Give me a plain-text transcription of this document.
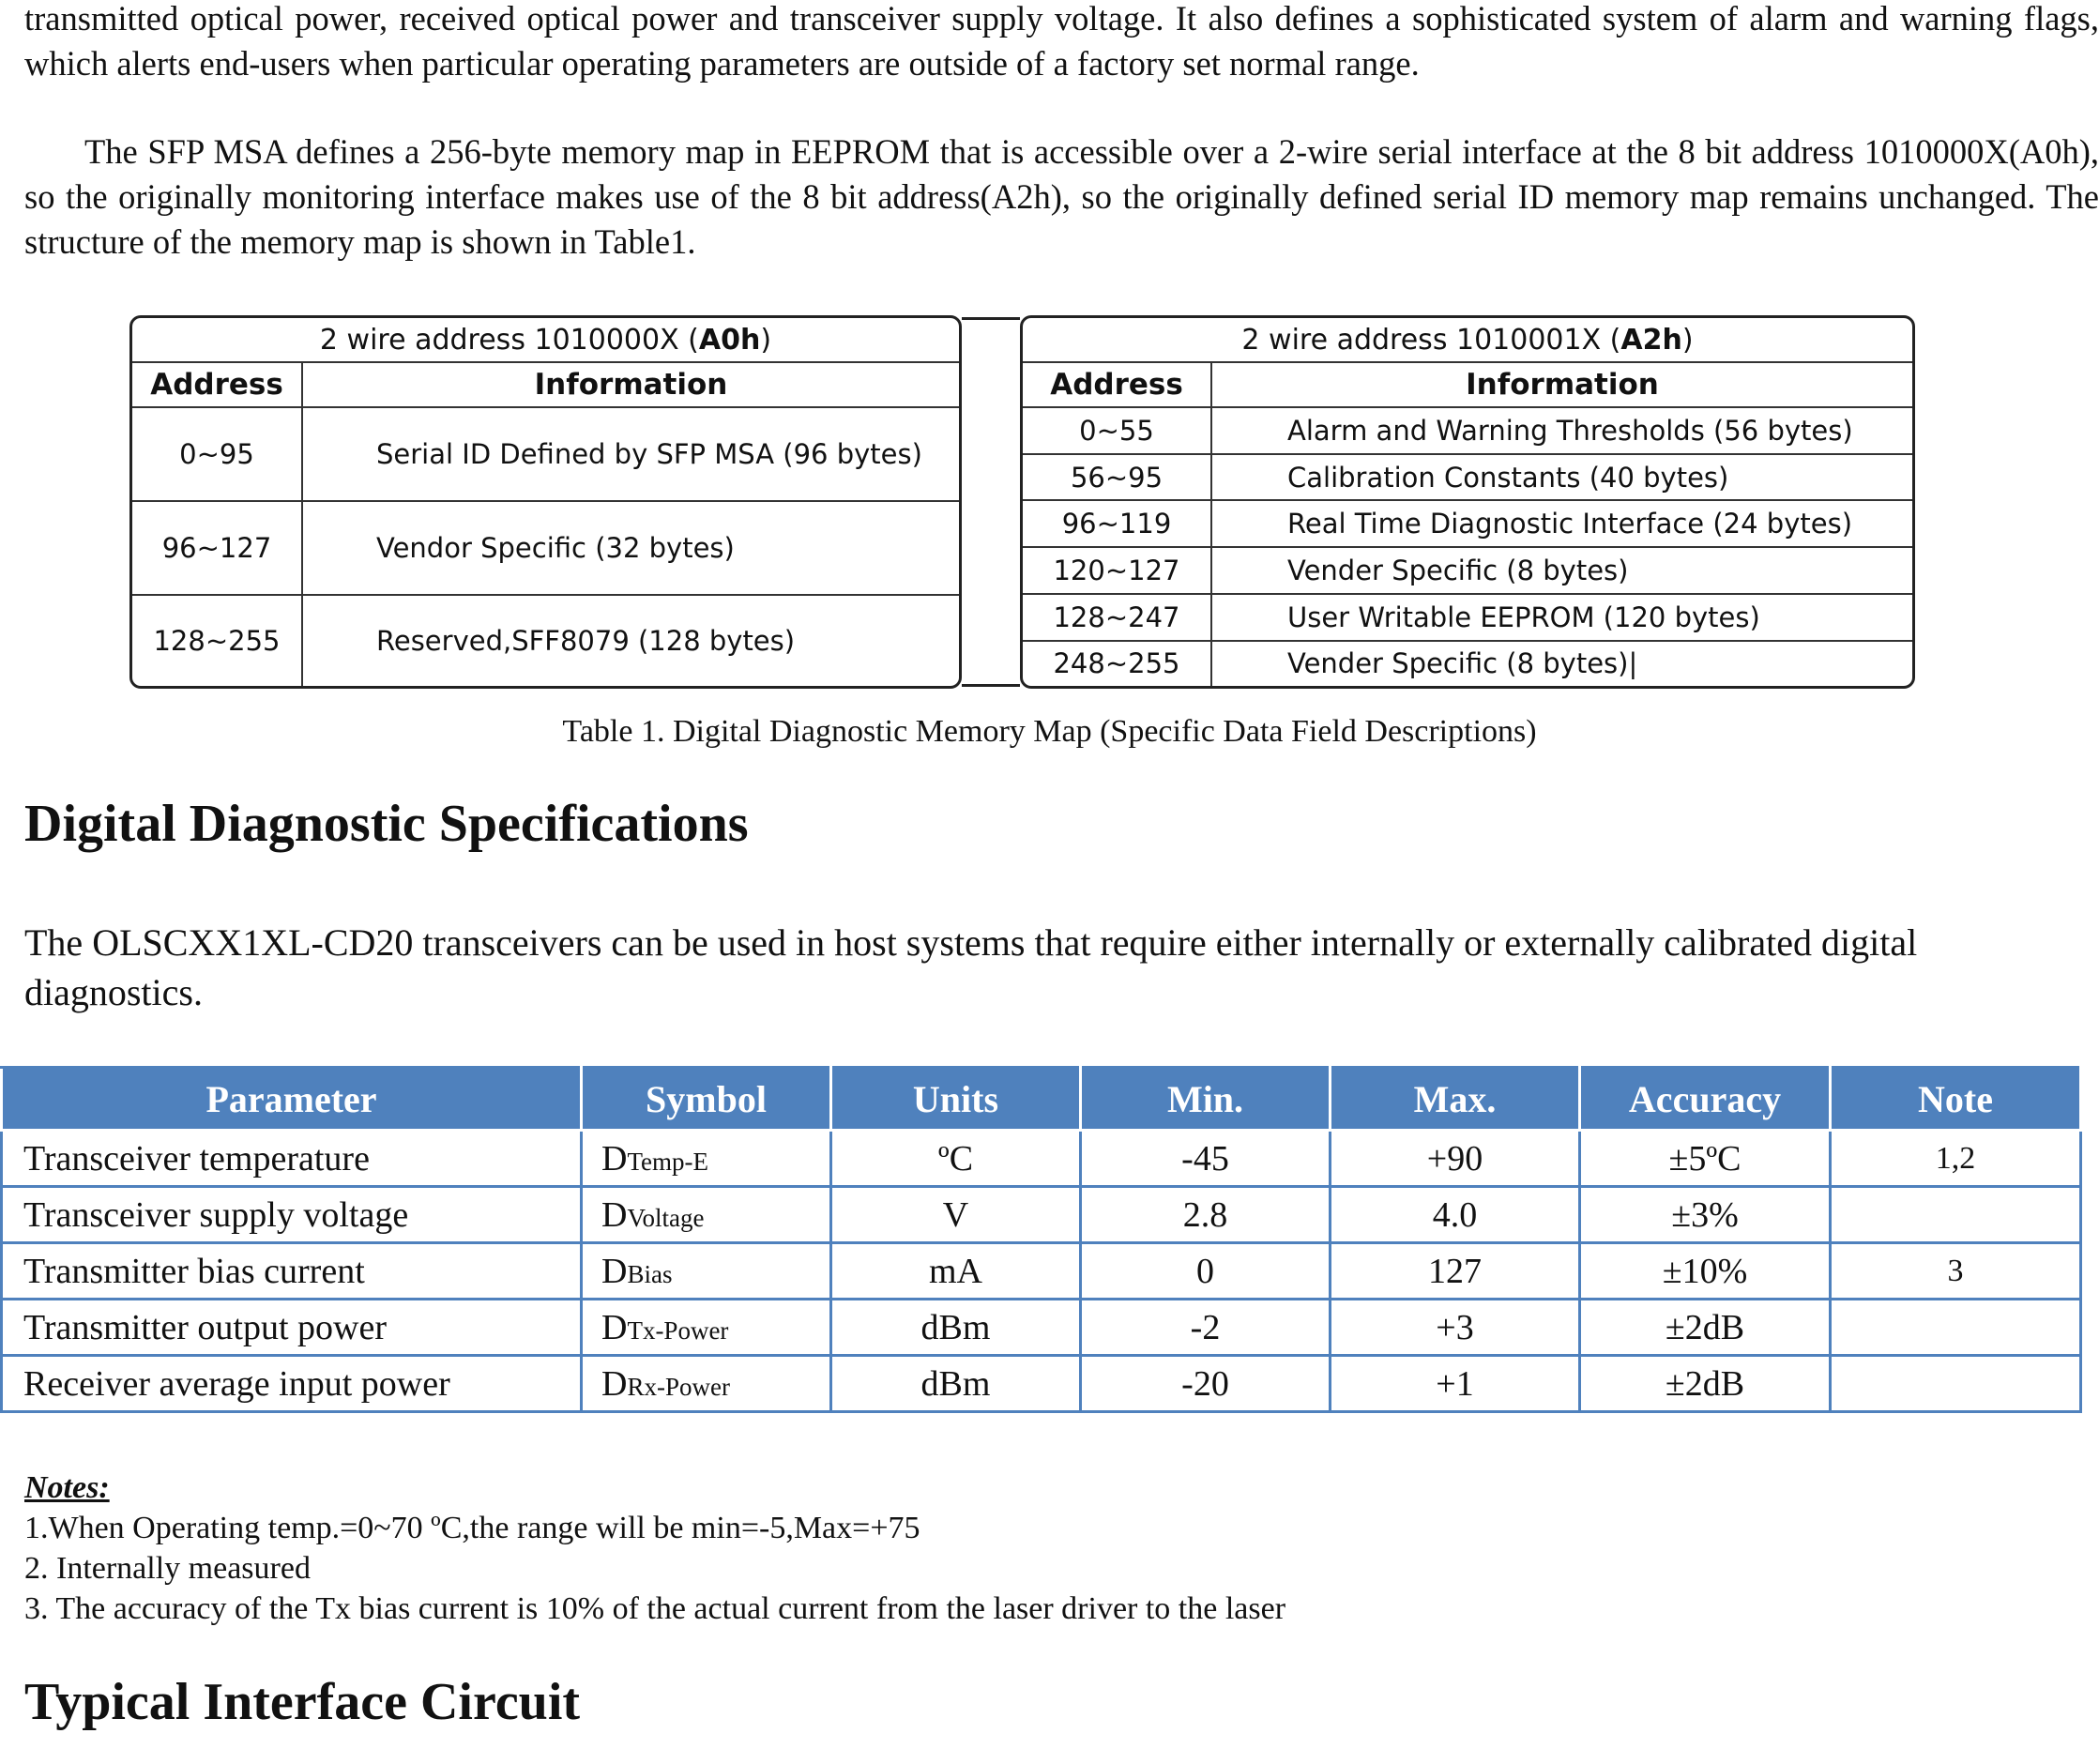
transmitted optical power, received optical power and transceiver supply voltage. It also defines a sophisticated system of alarm and warning flags, which alerts end-users when particular operating parameters are outside of a factory set normal range.

The SFP MSA defines a 256-byte memory map in EEPROM that is accessible over a 2-wire serial interface at the 8 bit address 1010000X(A0h), so the originally monitoring interface makes use of the 8 bit address(A2h), so the originally defined serial ID memory map remains unchanged. The structure of the memory map is shown in Table1.

2 wire address 1010000X (A0h)	
Address	Information
0~95	Serial ID Defined by SFP MSA (96 bytes)
96~127	Vendor Specific (32 bytes)
128~255	Reserved,SFF8079 (128 bytes)
2 wire address 1010001X (A2h)	
Address	Information
0~55	Alarm and Warning Thresholds (56 bytes)
56~95	Calibration Constants (40 bytes)
96~119	Real Time Diagnostic Interface (24 bytes)
120~127	Vender Specific (8 bytes)
128~247	User Writable EEPROM (120 bytes)
248~255	Vender Specific (8 bytes)|
Table 1. Digital Diagnostic Memory Map (Specific Data Field Descriptions)
Digital Diagnostic Specifications

The OLSCXX1XL-CD20 transceivers can be used in host systems that require either internally or externally calibrated digital diagnostics.

Parameter	Symbol	Units	Min.	Max.	Accuracy	Note
Transceiver temperature	DTemp-E	ºC	-45	+90	±5ºC	1,2
Transceiver supply voltage	DVoltage	V	2.8	4.0	±3%	
Transmitter bias current	DBias	mA	0	127	±10%	3
Transmitter output power	DTx-Power	dBm	-2	+3	±2dB	
Receiver average input power	DRx-Power	dBm	-20	+1	±2dB	
Notes:
1.When Operating temp.=0~70 ºC,the range will be min=-5,Max=+75
2. Internally measured
3. The accuracy of the Tx bias current is 10% of the actual current from the laser driver to the laser
Typical Interface Circuit
